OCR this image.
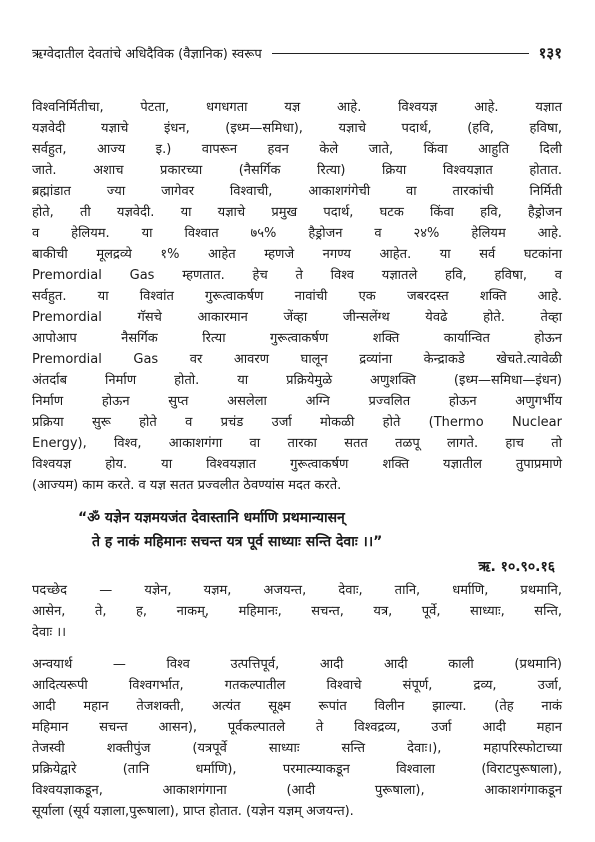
ऋग्वेदातील देवतांचे अधिदैविक (वैज्ञानिक) स्वरूप	१३१
विश्वनिर्मितीचा, पेटता, धगधगता यज्ञ आहे. विश्वयज्ञ आहे. यज्ञात
यज्ञवेदी यज्ञाचे इंधन, (इध्म—समिधा), यज्ञाचे पदार्थ, (हवि, हविषा,
सर्वहुत, आज्य इ.) वापरून हवन केले जाते, किंवा आहुति दिली
जाते. अशाच प्रकारच्या (नैसर्गिक रित्या) क्रिया विश्वयज्ञात होतात.
ब्रह्मांडात ज्या जागेवर विश्वाची, आकाशगंगेची वा तारकांची निर्मिती
होते, ती यज्ञवेदी. या यज्ञाचे प्रमुख पदार्थ, घटक किंवा हवि, हैड्रोजन
व हेलियम. या विश्वात ७५% हैड्रोजन व २४% हेलियम आहे.
बाकीची मूलद्रव्ये १% आहेत म्हणजे नगण्य आहेत. या सर्व घटकांना
Premordial Gas म्हणतात. हेच ते विश्व यज्ञातले हवि, हविषा, व
सर्वहुत. या विश्वांत गुरूत्वाकर्षण नावांची एक जबरदस्त शक्ति आहे.
Premordial गॅसचे आकारमान जेंव्हा जीन्सलेंग्थ येवढे होते. तेव्हा
आपोआप नैसर्गिक रित्या गुरूत्वाकर्षण शक्ति कार्यान्वित होऊन
Premordial Gas वर आवरण घालून द्रव्यांना केन्द्राकडे खेचते.त्यावेळी
अंतर्दाब निर्माण होतो. या प्रक्रियेमुळे अणुशक्ति (इध्म—समिधा—इंधन)
निर्माण होऊन सुप्त असलेला अग्नि प्रज्वलित होऊन अणुगर्भीय
प्रक्रिया सुरू होते व प्रचंड उर्जा मोकळी होते (Thermo Nuclear
Energy), विश्व, आकाशगंगा वा तारका सतत तळपू लागते. हाच तो
विश्वयज्ञ होय. या विश्वयज्ञात गुरूत्वाकर्षण शक्ति यज्ञातील तुपाप्रमाणे
(आज्यम) काम करते. व यज्ञ सतत प्रज्वलीत ठेवण्यांस मदत करते.
“ॐ यज्ञेन यज्ञमयजंत देवास्तानि धर्माणि प्रथमान्यासन्
ते ह नाकं महिमानः सचन्त यत्र पूर्व साध्याः सन्ति देवाः ।।”
ऋ. १०.९०.१६
पदच्छेद — यज्ञेन, यज्ञम, अजयन्त, देवाः, तानि, धर्माणि, प्रथमानि,
आसेन, ते, ह, नाकम्, महिमानः, सचन्त, यत्र, पूर्वे, साध्याः, सन्ति,
देवाः ।।
अन्वयार्थ — विश्व उत्पत्तिपूर्व, आदी आदी काली (प्रथमानि)
आदित्यरूपी विश्वगर्भात, गतकल्पातील विश्वाचे संपूर्ण, द्रव्य, उर्जा,
आदी महान तेजशक्ती, अत्यंत सूक्ष्म रूपांत विलीन झाल्या. (तेह नाकं
महिमान सचन्त आसन), पूर्वकल्पातले ते विश्वद्रव्य, उर्जा आदी महान
तेजस्वी शक्तीपुंज (यत्रपूर्वे साध्याः सन्ति देवाः।), महापरिस्फोटाच्या
प्रक्रियेद्वारे (तानि धर्माणि), परमात्म्याकडून विश्वाला (विराटपुरूषाला),
विश्वयज्ञाकडून, आकाशगंगाना (आदी पुरूषाला), आकाशगंगाकडून
सूर्याला (सूर्य यज्ञाला,पुरूषाला), प्राप्त होतात. (यज्ञेन यज्ञम् अजयन्त).
